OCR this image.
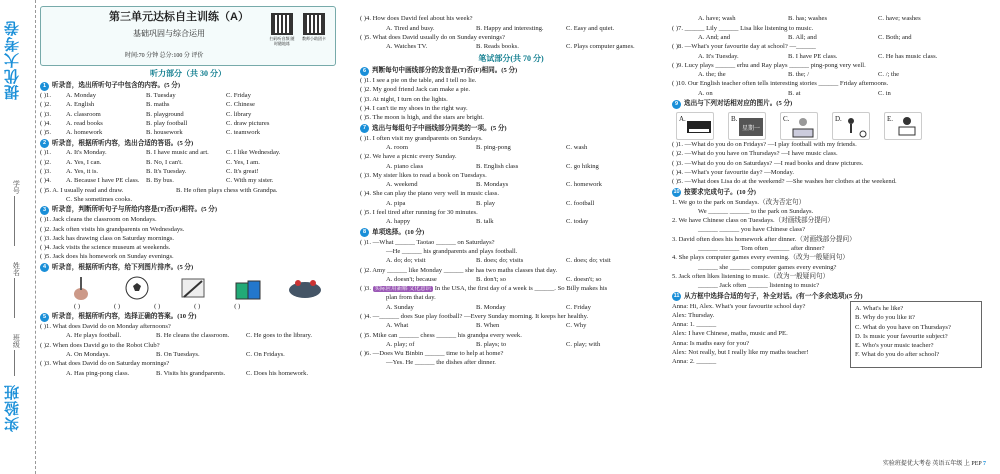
提优大考卷
学号
姓名
班级
实验班
第三单元达标自主训练（A）
基础巩固与综合运用
时间:70 分钟 总分:100 分 评价
扫码听音频 随时随地练
教师小助团卡
听力部分（共 30 分）
1 听录音，选出所听句子中包含的内容。(5 分)
( )1.	A. Monday	B. Tuesday	C. Friday
( )2.	A. English	B. maths	C. Chinese
( )3.	A. classroom	B. playground	C. library
( )4.	A. read books	B. play football	C. draw pictures
( )5.	A. homework	B. housework	C. teamwork
2 听录音，根据所听内容，选出合适的答语。(5 分)
( )1.	A. It's Monday.	B. I have music and art.	C. I like Wednesday.
( )2.	A. Yes, I can.	B. No, I can't.	C. Yes, I am.
( )3.	A. Yes, it is.	B. It's Tuesday.	C. It's great!
( )4.	A. Because I have PE class. B. By bus.	C. With my sister.
( )5. A. I usually read and draw.	B. He often plays chess with Grandpa.
C. She sometimes cooks.
3 听录音，判断所听句子与所给内容是(T)否(F)相符。(5 分)
( )1. Jack cleans the classroom on Mondays.
( )2. Jack often visits his grandparents on Wednesdays.
( )3. Jack has drawing class on Saturday mornings.
( )4. Jack visits the science museum at weekends.
( )5. Jack does his homework on Sunday evenings.
4 听录音，根据所听内容，给下列图片排序。(5 分)
( )	( )	( )	( )	( )
5 听录音，根据所听内容，选择正确的答案。(10 分)
( )1. What does David do on Monday afternoons?
A. He plays football.	B. He cleans the classroom.	C. He goes to the library.
( )2. When does David go to the Robot Club?
A. On Mondays.	B. On Tuesdays.	C. On Fridays.
( )3. What does David do on Saturday mornings?
A. Has ping-pong class.	B. Visits his grandparents.	C. Does his homework.
( )4. How does David feel about his week?
A. Tired and busy.	B. Happy and interesting.	C. Easy and quiet.
( )5. What does David usually do on Sunday evenings?
A. Watches TV.	B. Reads books.	C. Plays computer games.
笔试部分(共 70 分)
6 判断每句中画线部分的发音是(T)否(F)相同。(5 分)
( )1. I see a pie on the table, and I tell no lie.
( )2. My good friend Jack can make a pie.
( )3. At night, I turn on the lights.
( )4. I can't tie my shoes in the right way.
( )5. The moon is high, and the stars are bright.
7 选出与每组句子中画线部分同类的一项。(5 分)
( )1. I often visit my grandparents on Sundays.
A. room	B. ping-pong	C. wash
( )2. We have a picnic every Sunday.
A. piano class	B. English class	C. go hiking
( )3. My sister likes to read a book on Tuesdays.
A. weekend	B. Mondays	C. homework
( )4. She can play the piano very well in music class.
A. pipa	B. play	C. football
( )5. I feel tired after running for 30 minutes.
A. happy	B. talk	C. today
8 单项选择。(10 分)
( )1. —What ______ Taotao ______ on Saturdays?
—He ______ his grandparents and plays football.
A. do; do; visit	B. does; do; visits	C. does; do; visit
( )2. Amy ______ like Monday ______ she has two maths classes that day.
A. doesn't; because	B. don't; so	C. doesn't; so
( )3. 实际应用新解 文化意识 In the USA, the first day of a week is ______. So Billy makes his
plan from that day.
A. Sunday	B. Monday	C. Friday
( )4. —______ does Sue play football? —Every Sunday morning. It keeps her healthy.
A. What	B. When	C. Why
( )5. Mike can ______ chess ______ his grandpa every week.
A. play; of	B. plays; to	C. play; with
( )6. —Does Wu Binbin ______ time to help at home?
—Yes. He ______ the dishes after dinner.
A. have; wash	B. has; washes	C. have; washes
( )7. ______ Lily ______ Lisa like listening to music.
A. And; and	B. All; and	C. Both; and
( )8. —What's your favourite day at school? —______
A. It's Tuesday.	B. I have PE class.	C. He has music class.
( )9. Lucy plays ______ erhu and Ray plays ______ ping-pong very well.
A. the; the	B. the; /	C. /; the
( )10. Our English teacher often tells interesting stories ______ Friday afternoons.
A. on	B. at	C. in
9 选出与下列对话相对应的图片。(5 分)
A.	B.
星期一
C.	D.	E.
( )1. —What do you do on Fridays? —I play football with my friends.
( )2. —What do you have on Thursdays? —I have music class.
( )3. —What do you do on Saturdays? —I read books and draw pictures.
( )4. —What's your favourite day? —Monday.
( )5. —What does Lisa do at the weekend? —She washes her clothes at the weekend.
10 按要求完成句子。(10 分)
1. We go to the park on Sundays.（改为否定句）
We ______ ______ to the park on Sundays.
2. We have Chinese class on Tuesdays.（对画线部分提问）
______ ______ you have Chinese class?
3. David often does his homework after dinner.（对画线部分提问）
______ ______ Tom often ______ after dinner?
4. She plays computer games every evening.（改为一般疑问句）
______ she ______ computer games every evening?
5. Jack often likes listening to music.（改为一般疑问句）
______ Jack often ______ listening to music?
11 从方框中选择合适的句子，补全对话。(有一个多余选项)(5 分)
Anna: Hi, Alex. What's your favourite school day?
Alex: Thursday.
Anna: 1. ______
Alex: I have Chinese, maths, music and PE.
Anna: Is maths easy for you?
Alex: Not really, but I really like my maths teacher!
Anna: 2. ______
A. What's he like?
B. Why do you like it?
C. What do you have on Thursdays?
D. Is music your favourite subject?
E. Who's your music teacher?
F. What do you do after school?
实验班提优大考卷 英语五年级 上 PEP 7
